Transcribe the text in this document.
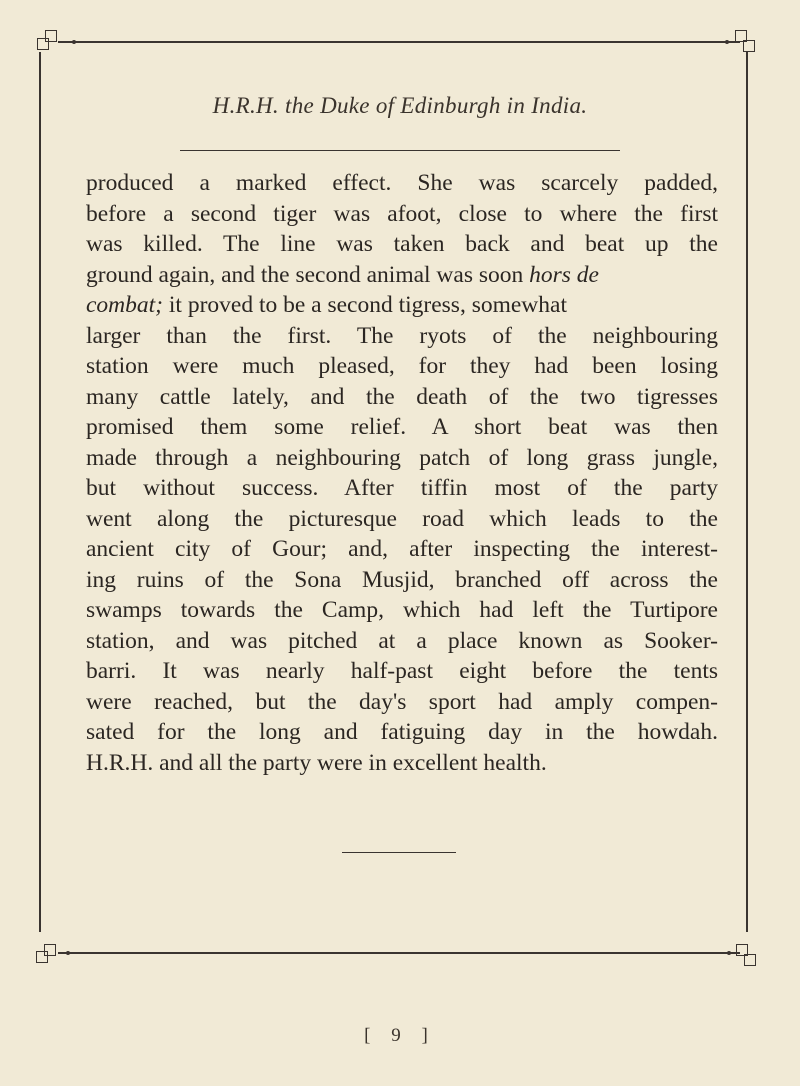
H.R.H. the Duke of Edinburgh in India.
produced a marked effect. She was scarcely padded,
before a second tiger was afoot, close to where the first
was killed. The line was taken back and beat up the
ground again, and the second animal was soon hors de
combat; it proved to be a second tigress, somewhat
larger than the first. The ryots of the neighbouring
station were much pleased, for they had been losing
many cattle lately, and the death of the two tigresses
promised them some relief. A short beat was then
made through a neighbouring patch of long grass jungle,
but without success. After tiffin most of the party
went along the picturesque road which leads to the
ancient city of Gour; and, after inspecting the interest-
ing ruins of the Sona Musjid, branched off across the
swamps towards the Camp, which had left the Turtipore
station, and was pitched at a place known as Sooker-
barri. It was nearly half-past eight before the tents
were reached, but the day's sport had amply compen-
sated for the long and fatiguing day in the howdah.
H.R.H. and all the party were in excellent health.
[ 9 ]
